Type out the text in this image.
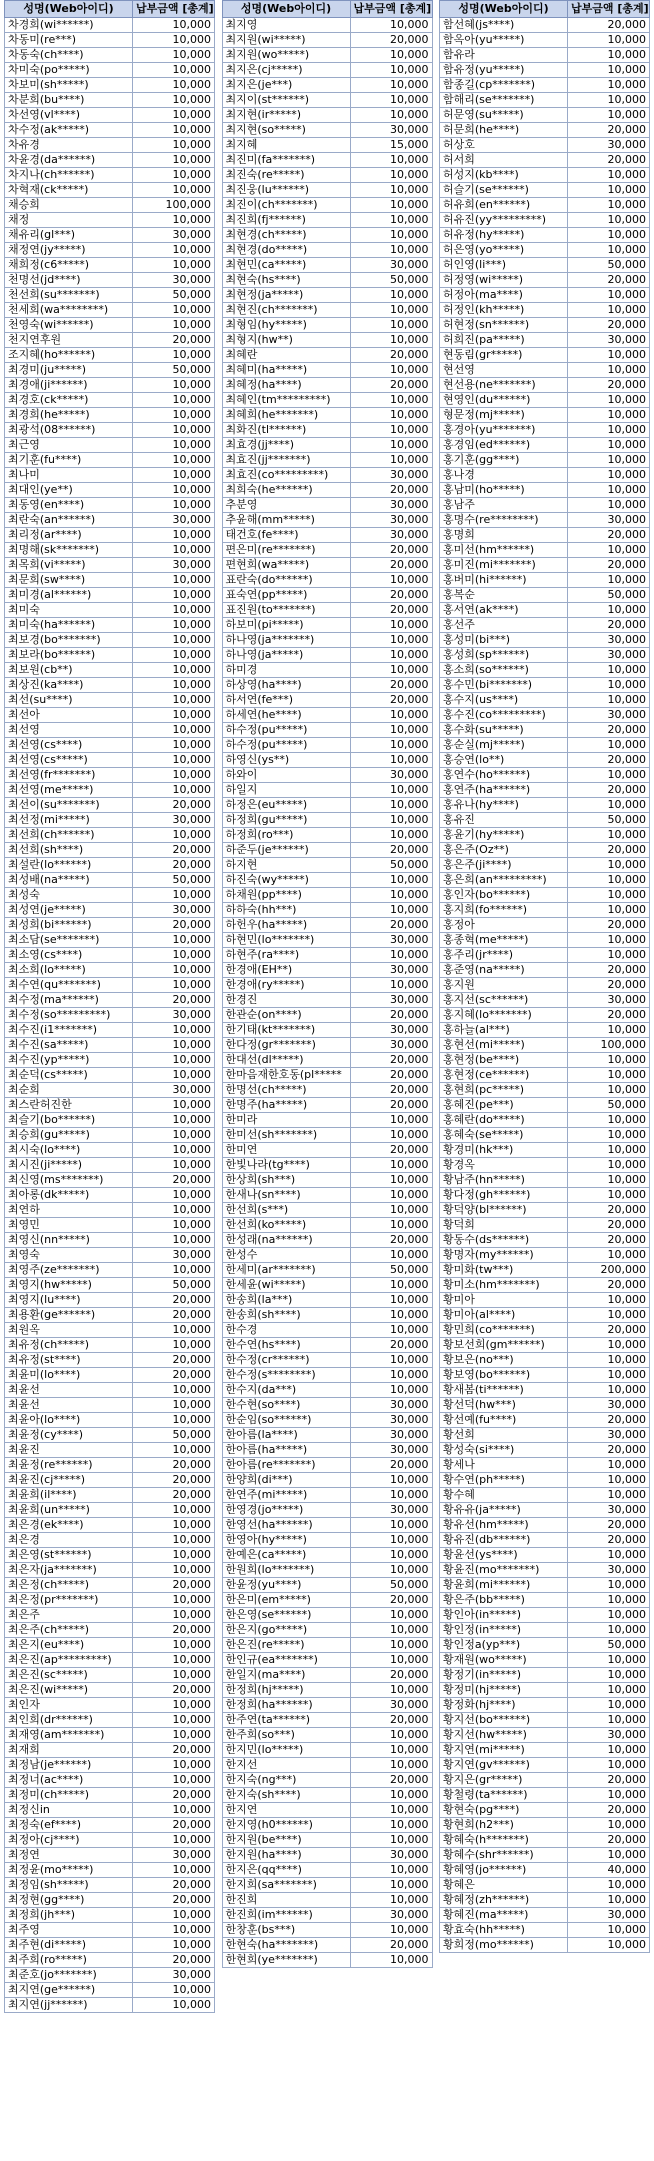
성명(Web아이디)	납부금액 [총계]
차경희(wi******)	10,000
차동미(re***)	10,000
차동숙(ch****)	10,000
차미숙(po*****)	10,000
차보미(sh*****)	10,000
차분희(bu****)	10,000
차선영(vl****)	10,000
차수정(ak*****)	10,000
차유경	10,000
차윤경(da******)	10,000
차지나(ch******)	10,000
차혁재(ck*****)	10,000
채승희	100,000
채정	10,000
채유리(gl***)	30,000
채정연(jy*****)	10,000
채희정(c6*****)	10,000
천명선(jd****)	30,000
천선희(su*******)	50,000
천세희(wa********)	10,000
천영숙(wi******)	10,000
천지연후원	20,000
조지혜(ho******)	10,000
최경미(ju*****)	50,000
최경애(ji******)	10,000
최경호(ck*****)	10,000
최경희(he*****)	10,000
최광석(08******)	10,000
최근영	10,000
최기훈(fu****)	10,000
최나미	10,000
최대인(ye**)	10,000
최동영(en****)	10,000
최란숙(an******)	30,000
최리정(ar****)	10,000
최명해(sk*******)	10,000
최목희(vi*****)	30,000
최문희(sw****)	10,000
최미경(al******)	10,000
최미숙	10,000
최미숙(ha******)	10,000
최보경(bo*******)	10,000
최보라(bo******)	10,000
최보원(cb**)	10,000
최상진(ka****)	10,000
최선(su****)	10,000
최선아	10,000
최선영	10,000
최선영(cs****)	10,000
최선영(cs*****)	10,000
최선영(fr*******)	10,000
최선영(me*****)	10,000
최선이(su*******)	20,000
최선정(mi*****)	30,000
최선희(ch******)	10,000
최선희(sh****)	20,000
최설란(lo******)	20,000
최성배(na*****)	50,000
최성숙	10,000
최성연(je*****)	30,000
최성희(bi******)	20,000
최소담(se*******)	10,000
최소영(cs****)	10,000
최소희(lo*****)	10,000
최수연(qu*******)	10,000
최수정(ma******)	20,000
최수정(so*********)	30,000
최수진(i1*******)	10,000
최수진(sa*****)	10,000
최수진(yp*****)	10,000
최순덕(cs*****)	10,000
최순희	30,000
최스란허진한	10,000
최슬기(bo******)	10,000
최승희(gu*****)	10,000
최시숙(lo****)	10,000
최시진(ji*****)	10,000
최신영(ms*******)	20,000
최아롱(dk*****)	10,000
최연하	10,000
최영민	10,000
최영신(nn*****)	10,000
최영숙	30,000
최영주(ze*******)	10,000
최영지(hw*****)	50,000
최영지(lu****)	20,000
최용환(ge******)	20,000
최원옥	10,000
최유정(ch*****)	10,000
최유정(st****)	20,000
최윤미(lo****)	20,000
최윤선	10,000
최윤선	10,000
최윤아(lo****)	10,000
최윤정(cy****)	50,000
최윤진	10,000
최윤정(re******)	20,000
최윤진(cj*****)	20,000
최윤희(il****)	20,000
최윤희(un*****)	10,000
최은경(ek****)	10,000
최은경	10,000
최은영(st******)	10,000
최은자(ja*******)	10,000
최은정(ch*****)	20,000
최은정(pr*******)	10,000
최은주	10,000
최은주(ch*****)	20,000
최은지(eu****)	10,000
최은진(ap*********)	10,000
최은진(sc*****)	10,000
최은진(wi*****)	20,000
최인자	10,000
최인희(dr******)	10,000
최재영(am*******)	10,000
최재희	20,000
최정남(je******)	10,000
최정너(ac****)	10,000
최정미(ch*****)	20,000
최정신in	10,000
최정숙(ef****)	20,000
최정아(cj****)	10,000
최정연	30,000
최정윤(mo*****)	10,000
최정임(sh*****)	20,000
최정현(gg****)	20,000
최정희(jh***)	10,000
최주영	10,000
최주현(di*****)	10,000
최주희(ro*****)	20,000
최준호(jo*******)	30,000
최지연(ge******)	10,000
최지연(jj******)	10,000
성명(Web아이디)	납부금액 [총계]
최지영	10,000
최지원(wi*****)	20,000
최지원(wo*****)	10,000
최지은(cj*****)	10,000
최지은(je***)	10,000
최지이(st******)	10,000
최지현(ir*****)	10,000
최지현(so*****)	30,000
최지혜	15,000
최진미(fa*******)	10,000
최진숙(re*****)	10,000
최진웅(lu******)	10,000
최진이(ch*******)	10,000
최진희(fj******)	10,000
최현경(ch*****)	10,000
최현경(do*****)	10,000
최현민(ca*****)	30,000
최현숙(hs****)	50,000
최현정(ja*****)	10,000
최현진(ch*******)	10,000
최형임(hy*****)	10,000
최형지(hw**)	10,000
최혜란	20,000
최혜미(ha*****)	10,000
최혜정(ha****)	20,000
최혜인(tm*********)	10,000
최혜희(he*******)	10,000
최화진(tl******)	10,000
최효경(jj****)	10,000
최효진(jj*******)	10,000
최효진(co*********)	30,000
최희숙(he******)	20,000
추분영	30,000
추윤해(mm*****)	30,000
태건호(fe****)	30,000
편은미(re*******)	20,000
편현희(wa*****)	20,000
표란숙(do******)	10,000
표숙연(pp*****)	20,000
표진원(to*******)	20,000
하보미(pi*****)	10,000
하나영(ja*******)	10,000
하나영(ja*****)	10,000
하미경	10,000
하상영(ha****)	20,000
하서연(fe***)	20,000
하세연(he****)	10,000
하수정(pu*****)	10,000
하수정(pu*****)	10,000
하영신(ys**)	10,000
하와이	30,000
하일지	10,000
하정은(eu*****)	10,000
하정희(gu*****)	10,000
하정희(ro***)	10,000
하준두(je******)	20,000
하지현	50,000
하진숙(wy*****)	10,000
하채원(pp****)	10,000
하하숙(hh***)	10,000
하헌우(ha*****)	20,000
하현민(lo*******)	30,000
하현주(ra****)	10,000
한경애(EH**)	30,000
한경애(ry*****)	10,000
한경진	30,000
한관순(on****)	20,000
한기태(kt*******)	30,000
한다정(gr*******)	30,000
한대선(dl*****)	20,000
한마음재한호동(pl*****	20,000
한명선(ch*****)	20,000
한명주(ha*****)	20,000
한미라	10,000
한미선(sh*******)	10,000
한미연	20,000
한빛나라(tg****)	10,000
한상희(sh***)	10,000
한새나(sn****)	10,000
한선희(s***)	10,000
한선희(ko*****)	10,000
한성래(na******)	20,000
한성수	10,000
한세미(ar*******)	50,000
한세윤(wi*****)	10,000
한송희(la***)	10,000
한송희(sh****)	10,000
한수경	10,000
한수연(hs****)	20,000
한수정(cr******)	10,000
한수정(s********)	10,000
한수지(da***)	10,000
한수현(so****)	30,000
한순임(so******)	30,000
한아름(la****)	30,000
한아름(ha*****)	30,000
한아름(re*******)	20,000
한양희(di***)	10,000
한연주(mi*****)	10,000
한영경(jo*****)	30,000
한영선(ha******)	10,000
한영아(hy*****)	10,000
한예은(ca*****)	10,000
한원희(lo*******)	10,000
한윤정(yu****)	50,000
한은미(em*****)	20,000
한은영(se******)	10,000
한은지(go*****)	10,000
한은진(re*****)	10,000
한인규(ea*******)	10,000
한일지(ma****)	20,000
한정희(hj*****)	10,000
한정희(ha******)	30,000
한주연(ta******)	20,000
한주희(so***)	10,000
한지민(lo*****)	10,000
한지선	10,000
한지숙(ng***)	20,000
한지숙(sh****)	10,000
한지연	10,000
한지영(h0******)	10,000
한지원(be****)	10,000
한지원(ha****)	30,000
한지은(qq****)	10,000
한지희(sa*******)	10,000
한진희	10,000
한진희(im******)	30,000
한창훈(bs***)	10,000
한현숙(ha*******)	20,000
한현희(ye*******)	10,000
성명(Web아이디)	납부금액 [총계]
함선혜(js****)	20,000
함옥아(yu*****)	10,000
함유라	10,000
함유정(yu*****)	10,000
함종길(cp*******)	10,000
함해리(se*******)	10,000
허문영(su*****)	10,000
허문희(he****)	20,000
허상호	30,000
허서희	20,000
허성지(kb****)	10,000
허슬기(se******)	10,000
허유희(en******)	10,000
허유진(yy*********)	10,000
허유정(hy*****)	10,000
허은영(yo*****)	10,000
허인영(li***)	50,000
허정영(wi*****)	20,000
허정아(ma****)	10,000
허정인(kh*****)	10,000
허현정(sn******)	20,000
허희진(pa*****)	30,000
현동림(gr*****)	10,000
현선영	10,000
현선용(ne*******)	20,000
현영인(du******)	10,000
형문정(mj*****)	10,000
홍경아(yu*******)	10,000
홍경임(ed******)	10,000
홍기훈(gg****)	10,000
홍나경	10,000
홍남미(ho*****)	10,000
홍남주	10,000
홍명수(re********)	30,000
홍명희	20,000
홍미선(hm******)	10,000
홍미진(mi*******)	20,000
홍버미(hi******)	10,000
홍복순	50,000
홍서연(ak****)	10,000
홍선주	20,000
홍성미(bi***)	30,000
홍성희(sp******)	30,000
홍소희(so******)	10,000
홍수민(bi*******)	10,000
홍수지(us****)	10,000
홍수진(co*********)	30,000
홍수화(su*****)	20,000
홍순실(mj*****)	10,000
홍승연(lo**)	20,000
홍연수(ho******)	10,000
홍연주(ha******)	20,000
홍유나(hy****)	10,000
홍유진	50,000
홍윤기(hy*****)	10,000
홍은주(Oz**)	20,000
홍은주(ji****)	10,000
홍은희(an*********)	10,000
홍인자(bo******)	10,000
홍지희(fo******)	10,000
홍정아	20,000
홍종혁(me*****)	10,000
홍주리(jr****)	10,000
홍준영(na*****)	20,000
홍지원	20,000
홍지선(sc******)	30,000
홍지혜(lo*******)	20,000
홍하늘(al***)	10,000
홍현선(mi*****)	100,000
홍현정(be****)	10,000
홍현정(ce******)	10,000
홍현희(pc*****)	10,000
홍혜진(pe***)	50,000
홍혜란(do*****)	10,000
홍혜숙(se*****)	10,000
황경미(hk***)	10,000
황경옥	10,000
황남주(hn*****)	10,000
황다정(gh******)	10,000
황덕양(bl******)	20,000
황덕희	20,000
황동수(ds******)	20,000
황명자(my******)	10,000
황미화(tw***)	200,000
황미소(hm*******)	20,000
황미아	10,000
황미아(al****)	10,000
황민희(co*******)	20,000
황보선희(gm******)	10,000
황보은(no***)	10,000
황보영(bo******)	10,000
황새봄(ti******)	10,000
황선덕(hw***)	30,000
황선예(fu****)	20,000
황선희	30,000
황성숙(si****)	20,000
황세나	10,000
황수연(ph*****)	10,000
황수혜	10,000
황유유(ja*****)	30,000
황유선(hm*****)	20,000
황유진(db******)	20,000
황윤선(ys****)	10,000
황윤진(mo*******)	30,000
황윤희(mi******)	10,000
황은주(bb*****)	10,000
황인아(in*****)	10,000
황인정(in*****)	10,000
황인정a(yp***)	50,000
황재원(wo*****)	10,000
황정기(in*****)	10,000
황정미(hj*****)	10,000
황정화(hj****)	10,000
황지선(bo******)	10,000
황지선(hw*****)	30,000
황지연(mi*****)	10,000
황지연(gv******)	10,000
황지은(gr*****)	20,000
황철령(ta******)	10,000
황현숙(pg****)	20,000
황현희(h2***)	10,000
황혜숙(h*******)	20,000
황혜수(shr******)	10,000
황혜영(jo******)	40,000
황혜은	10,000
황혜정(zh******)	10,000
황혜진(ma*****)	30,000
황효숙(hh*****)	10,000
황희정(mo******)	10,000
